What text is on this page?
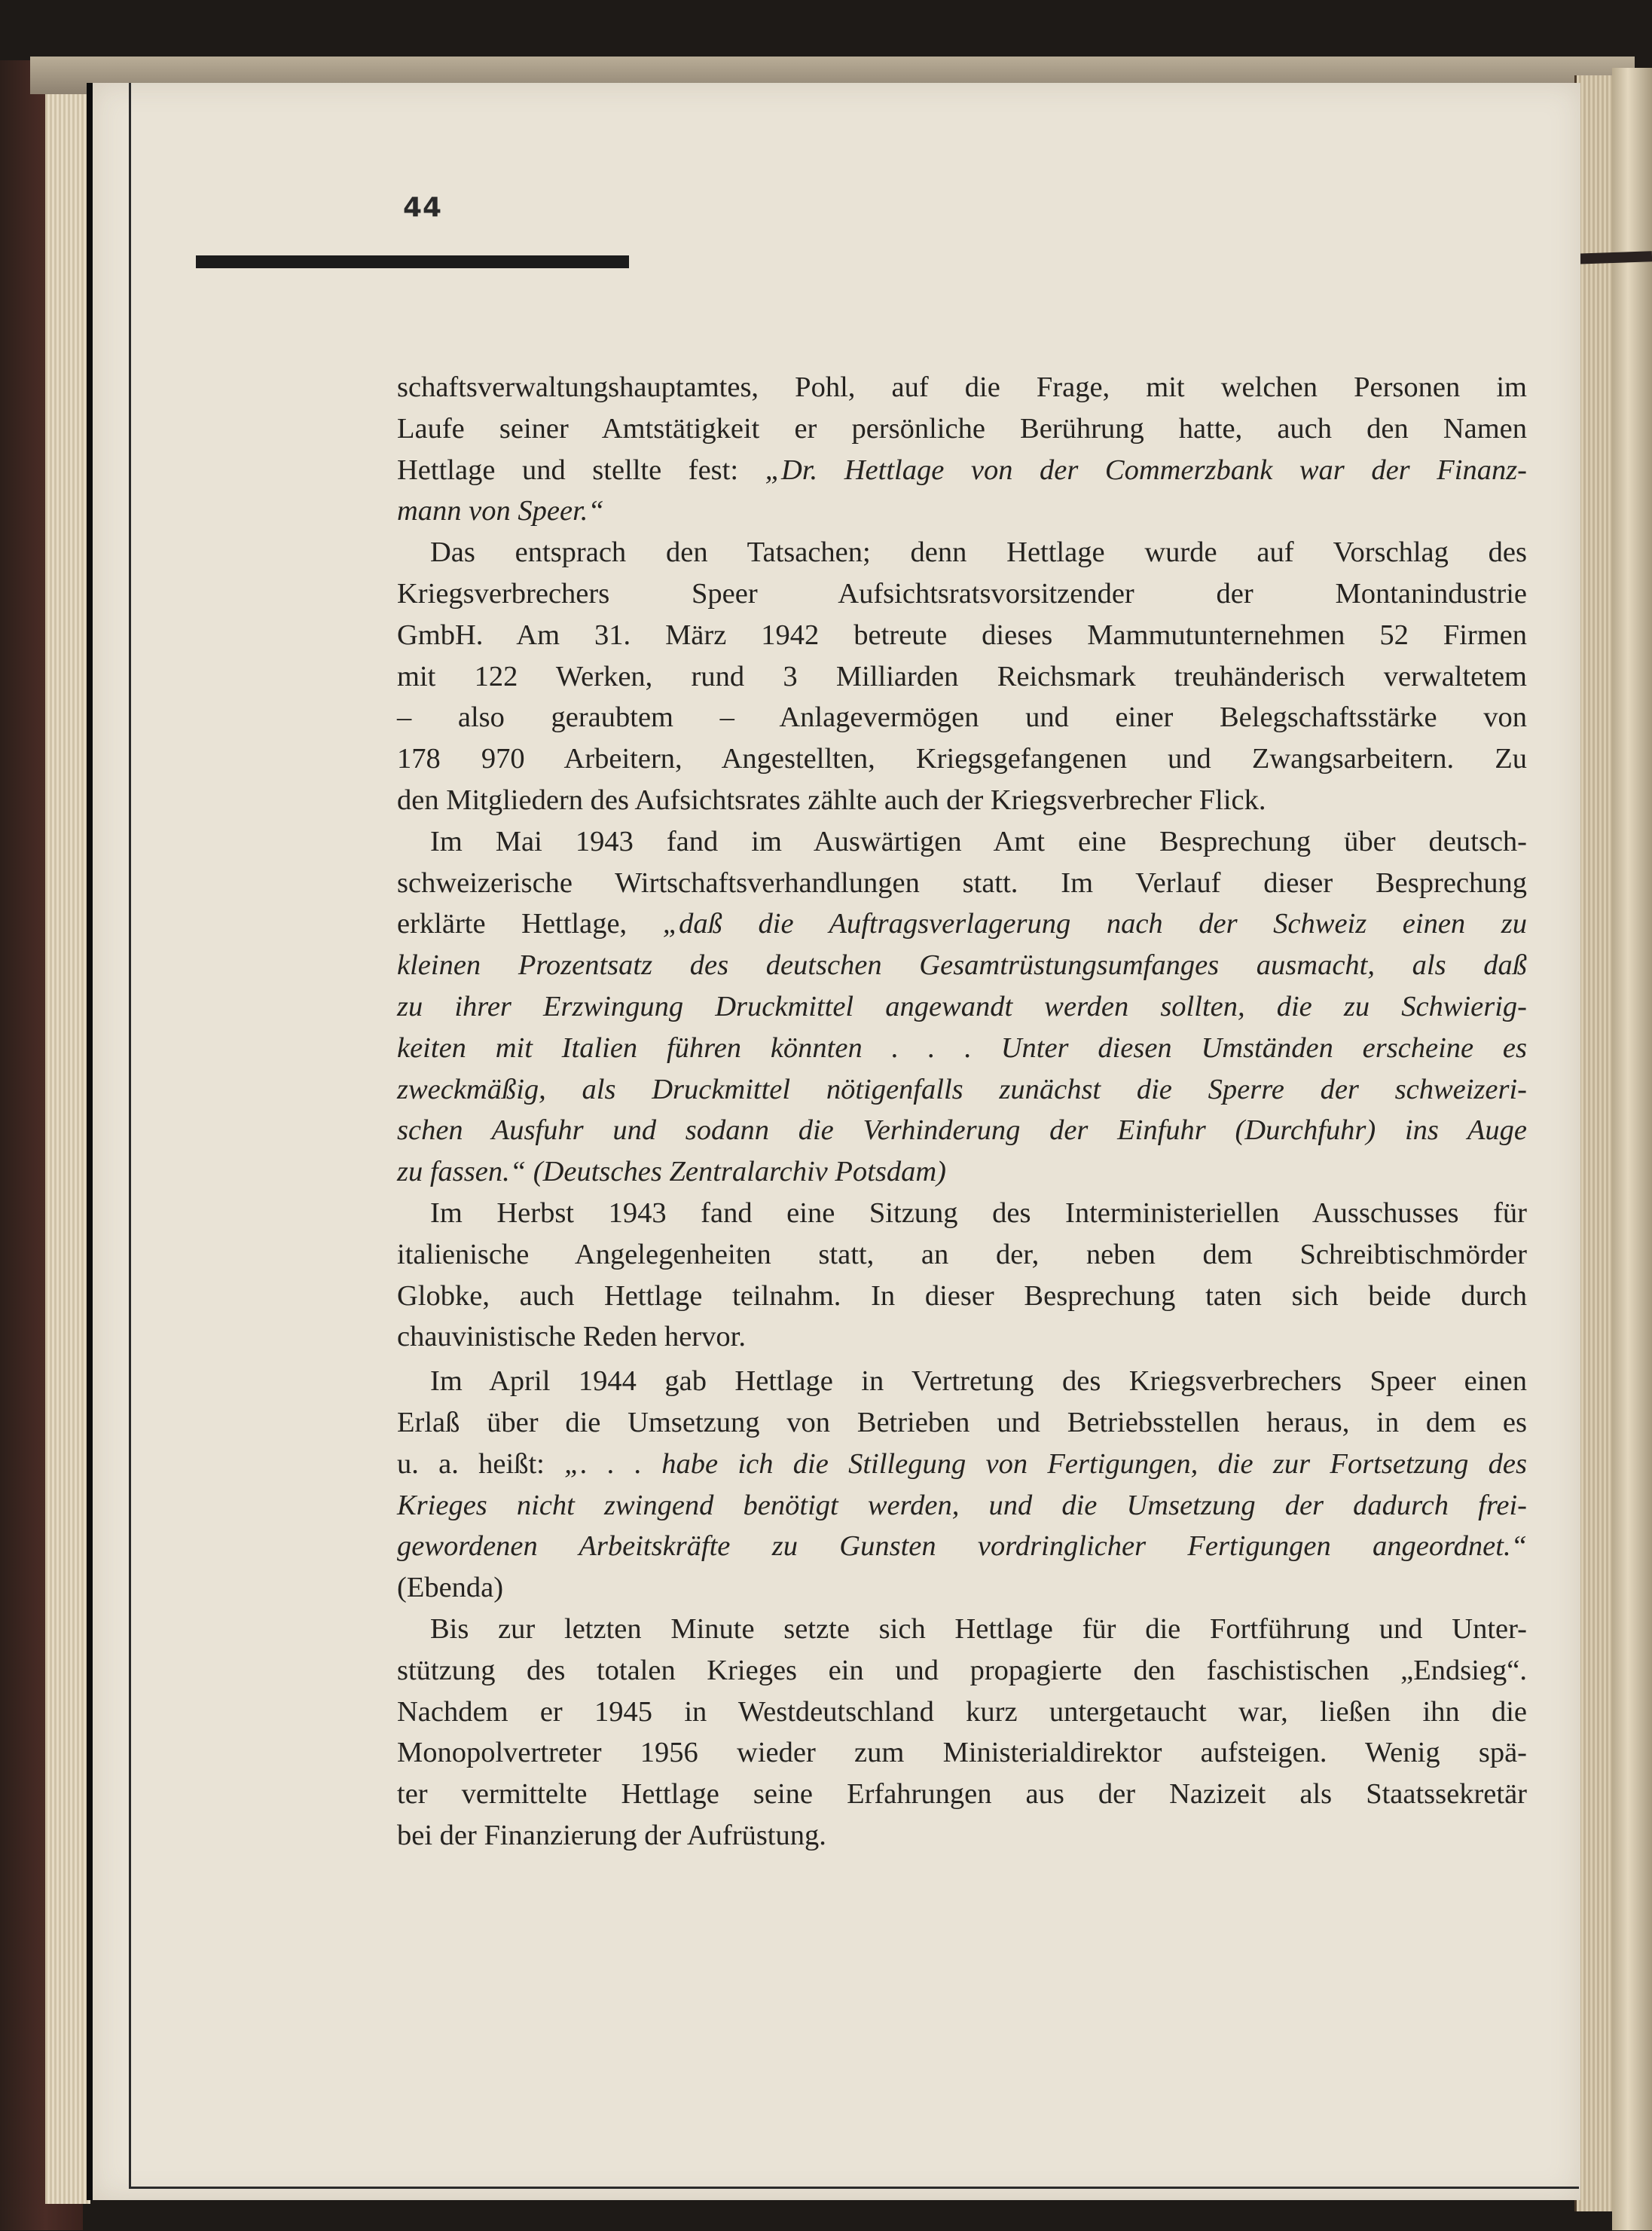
44
schaftsverwaltungshauptamtes, Pohl, auf die Frage, mit welchen Personen im
Laufe seiner Amtstätigkeit er persönliche Berührung hatte, auch den Namen
Hettlage und stellte fest: „Dr. Hettlage von der Commerzbank war der Finanz-
mann von Speer.“
Das entsprach den Tatsachen; denn Hettlage wurde auf Vorschlag des
Kriegsverbrechers Speer Aufsichtsratsvorsitzender der Montanindustrie
GmbH. Am 31. März 1942 betreute dieses Mammutunternehmen 52 Firmen
mit 122 Werken, rund 3 Milliarden Reichsmark treuhänderisch verwaltetem
– also geraubtem – Anlagevermögen und einer Belegschaftsstärke von
178 970 Arbeitern, Angestellten, Kriegsgefangenen und Zwangsarbeitern. Zu
den Mitgliedern des Aufsichtsrates zählte auch der Kriegsverbrecher Flick.
Im Mai 1943 fand im Auswärtigen Amt eine Besprechung über deutsch-
schweizerische Wirtschaftsverhandlungen statt. Im Verlauf dieser Besprechung
erklärte Hettlage, „daß die Auftragsverlagerung nach der Schweiz einen zu
kleinen Prozentsatz des deutschen Gesamtrüstungsumfanges ausmacht, als daß
zu ihrer Erzwingung Druckmittel angewandt werden sollten, die zu Schwierig-
keiten mit Italien führen könnten . . . Unter diesen Umständen erscheine es
zweckmäßig, als Druckmittel nötigenfalls zunächst die Sperre der schweizeri-
schen Ausfuhr und sodann die Verhinderung der Einfuhr (Durchfuhr) ins Auge
zu fassen.“ (Deutsches Zentralarchiv Potsdam)
Im Herbst 1943 fand eine Sitzung des Interministeriellen Ausschusses für
italienische Angelegenheiten statt, an der, neben dem Schreibtischmörder
Globke, auch Hettlage teilnahm. In dieser Besprechung taten sich beide durch
chauvinistische Reden hervor.
Im April 1944 gab Hettlage in Vertretung des Kriegsverbrechers Speer einen
Erlaß über die Umsetzung von Betrieben und Betriebsstellen heraus, in dem es
u. a. heißt: „. . . habe ich die Stillegung von Fertigungen, die zur Fortsetzung des
Krieges nicht zwingend benötigt werden, und die Umsetzung der dadurch frei-
gewordenen Arbeitskräfte zu Gunsten vordringlicher Fertigungen angeordnet.“
(Ebenda)
Bis zur letzten Minute setzte sich Hettlage für die Fortführung und Unter-
stützung des totalen Krieges ein und propagierte den faschistischen „Endsieg“.
Nachdem er 1945 in Westdeutschland kurz untergetaucht war, ließen ihn die
Monopolvertreter 1956 wieder zum Ministerialdirektor aufsteigen. Wenig spä-
ter vermittelte Hettlage seine Erfahrungen aus der Nazizeit als Staatssekretär
bei der Finanzierung der Aufrüstung.
